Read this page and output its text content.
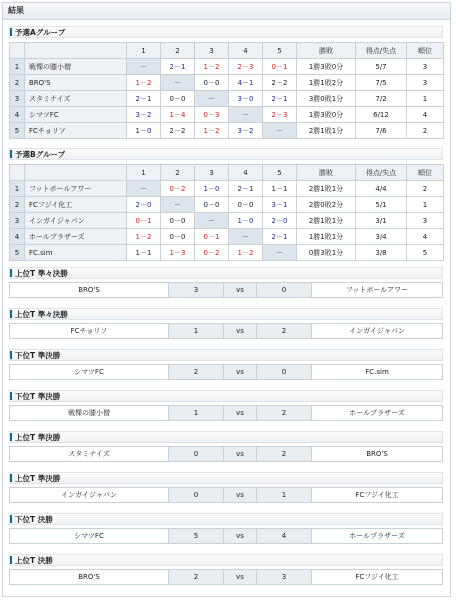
結果
予選Aグループ
		1	2	3	4	5	勝敗	得点/失点	順位
1	戦慄の膝小僧	－	2－1	1－2	2－3	0－1	1勝3敗0分	5/7	3
2	BRO'S	1－2	－	0－0	4－1	2－2	1勝1敗2分	7/5	3
3	スタミナイズ	2－1	0－0	－	3－0	2－1	3勝0敗1分	7/2	1
4	シマツFC	3－2	1－4	0－3	－	2－3	1勝3敗0分	6/12	4
5	FCチョリソ	1－0	2－2	1－2	3－2	－	2勝1敗1分	7/6	2
予選Bグループ
		1	2	3	4	5	勝敗	得点/失点	順位
1	フットボールアワー	－	0－2	1－0	2－1	1－1	2勝1敗1分	4/4	2
2	FCフジイ化工	2－0	－	0－0	0－0	3－1	2勝0敗2分	5/1	1
3	インガイジャパン	0－1	0－0	－	1－0	2－0	2勝1敗1分	3/1	3
4	ホールプラザーズ	1－2	0－0	0－1	－	2－1	1勝1敗1分	3/4	4
5	FC.sim	1－1	1－3	0－2	1－2	－	0勝3敗1分	3/8	5
上位T 準々決勝
BRO'S	3	vs	0	フットボールアワー
上位T 準々決勝
FCチョリソ	1	vs	2	インガイジャパン
下位T 準決勝
シマツFC	2	vs	0	FC.sim
下位T 準決勝
戦慄の膝小僧	1	vs	2	ホールプラザーズ
上位T 準決勝
スタミナイズ	0	vs	2	BRO'S
上位T 準決勝
インガイジャパン	0	vs	1	FCフジイ化工
下位T 決勝
シマツFC	5	vs	4	ホールプラザーズ
上位T 決勝
BRO'S	2	vs	3	FCフジイ化工
